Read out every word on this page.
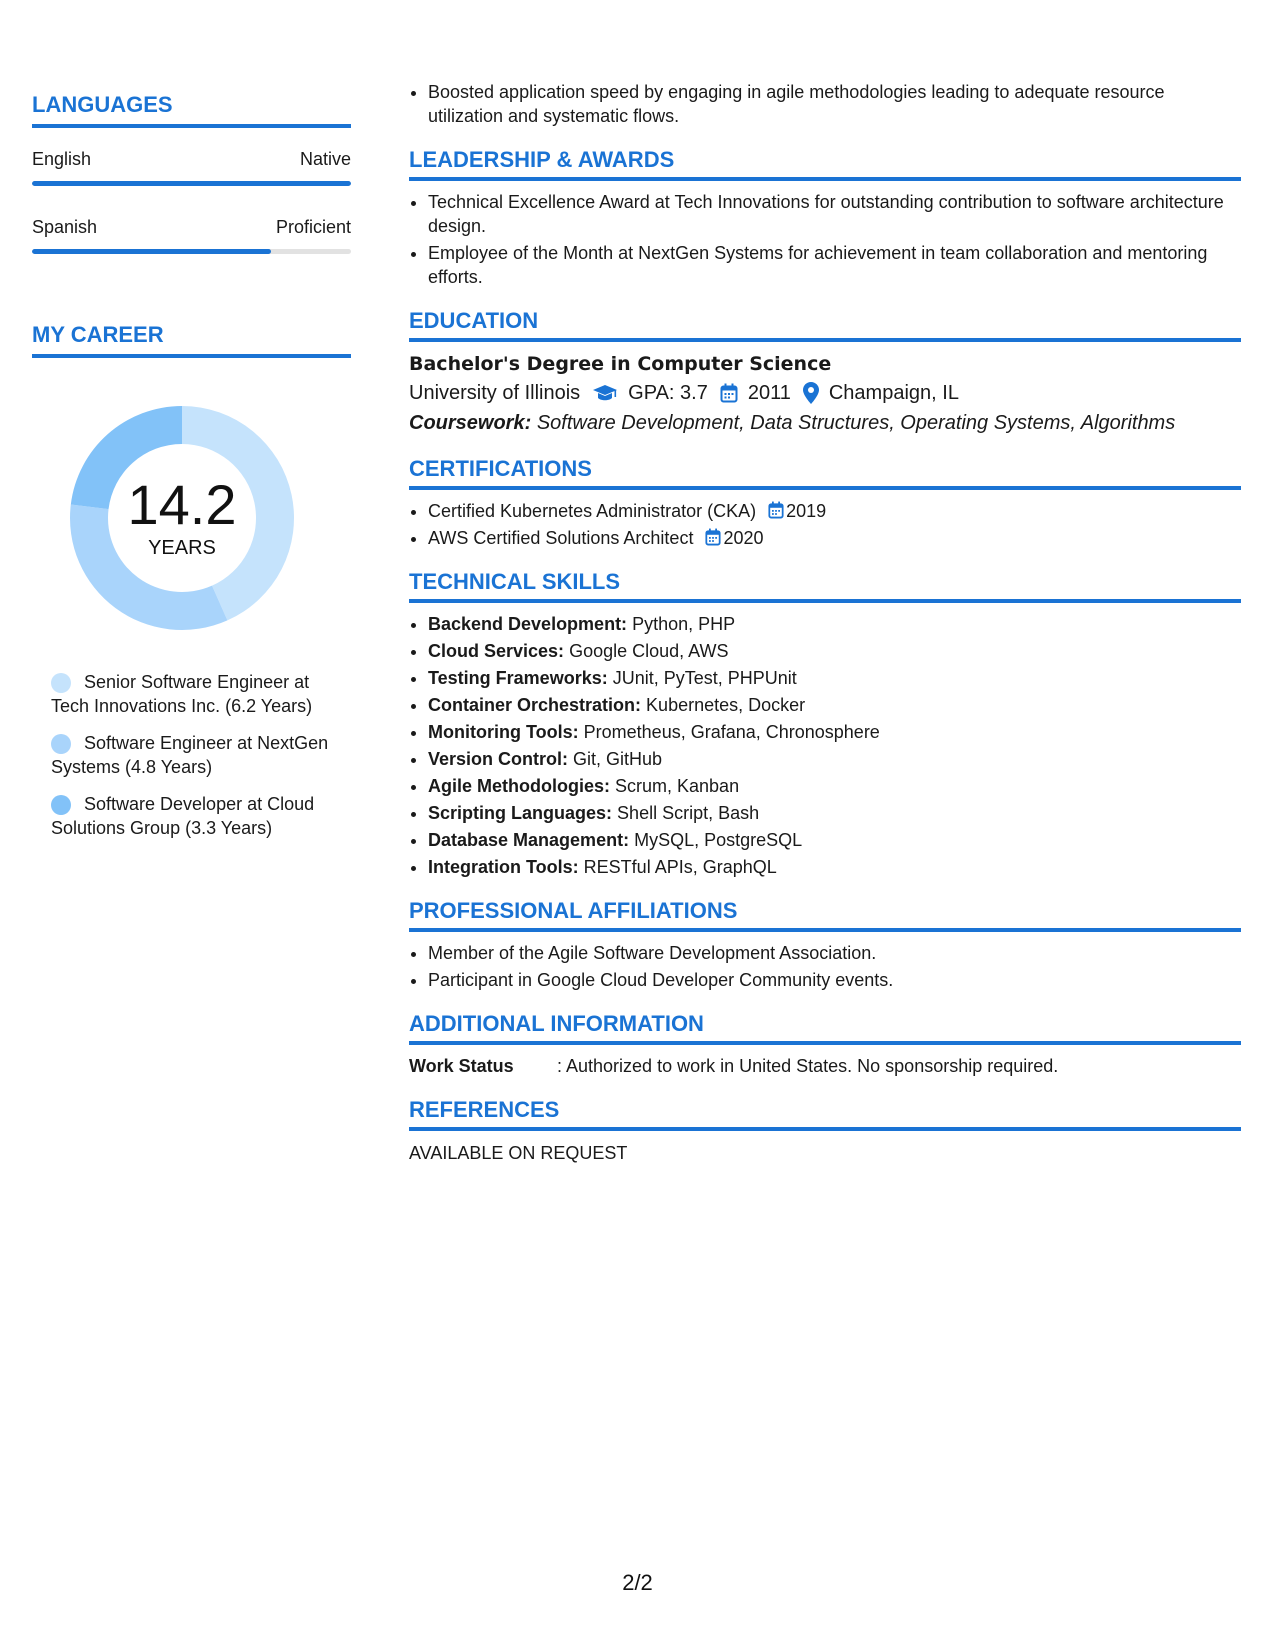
LANGUAGES
English	Native
Spanish	Proficient
MY CAREER
14.2
YEARS
Senior Software Engineer at Tech Innovations Inc. (6.2 Years)
Software Engineer at NextGen Systems (4.8 Years)
Software Developer at Cloud Solutions Group (3.3 Years)
• Boosted application speed by engaging in agile methodologies leading to adequate resource utilization and systematic flows.
LEADERSHIP & AWARDS
• Technical Excellence Award at Tech Innovations for outstanding contribution to software architecture design.
• Employee of the Month at NextGen Systems for achievement in team collaboration and mentoring efforts.
EDUCATION
Bachelor's Degree in Computer Science
University of Illinois GPA: 3.7 2011 Champaign, IL
Coursework: Software Development, Data Structures, Operating Systems, Algorithms
CERTIFICATIONS
• Certified Kubernetes Administrator (CKA) 2019
• AWS Certified Solutions Architect 2020
TECHNICAL SKILLS
• Backend Development: Python, PHP
• Cloud Services: Google Cloud, AWS
• Testing Frameworks: JUnit, PyTest, PHPUnit
• Container Orchestration: Kubernetes, Docker
• Monitoring Tools: Prometheus, Grafana, Chronosphere
• Version Control: Git, GitHub
• Agile Methodologies: Scrum, Kanban
• Scripting Languages: Shell Script, Bash
• Database Management: MySQL, PostgreSQL
• Integration Tools: RESTful APIs, GraphQL
PROFESSIONAL AFFILIATIONS
• Member of the Agile Software Development Association.
• Participant in Google Cloud Developer Community events.
ADDITIONAL INFORMATION
Work Status	: Authorized to work in United States. No sponsorship required.
REFERENCES
AVAILABLE ON REQUEST
2/2
